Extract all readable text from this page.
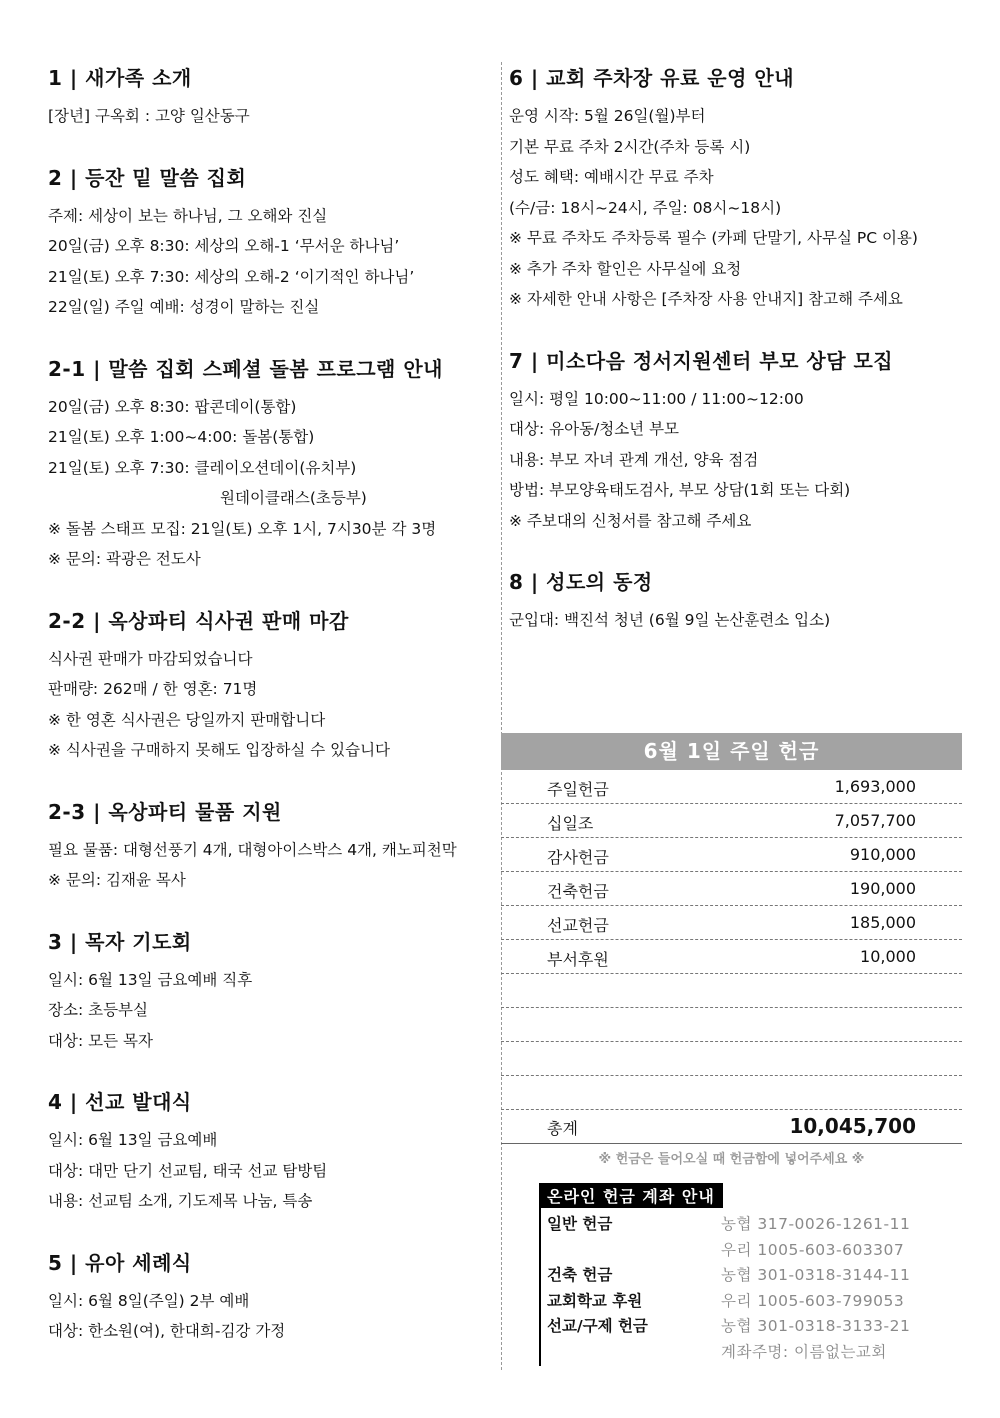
1 | 새가족 소개
[장년] 구옥회 : 고양 일산동구
2 | 등잔 밑 말씀 집회
주제: 세상이 보는 하나님, 그 오해와 진실
20일(금) 오후 8:30: 세상의 오해-1 ‘무서운 하나님’
21일(토) 오후 7:30: 세상의 오해-2 ‘이기적인 하나님’
22일(일) 주일 예배: 성경이 말하는 진실
2-1 | 말씀 집회 스페셜 돌봄 프로그램 안내
20일(금) 오후 8:30: 팝콘데이(통합)
21일(토) 오후 1:00~4:00: 돌봄(통합)
21일(토) 오후 7:30: 클레이오션데이(유치부)
원데이클래스(초등부)
※ 돌봄 스태프 모집: 21일(토) 오후 1시, 7시30분 각 3명
※ 문의: 곽광은 전도사
2-2 | 옥상파티 식사권 판매 마감
식사권 판매가 마감되었습니다
판매량: 262매 / 한 영혼: 71명
※ 한 영혼 식사권은 당일까지 판매합니다
※ 식사권을 구매하지 못해도 입장하실 수 있습니다
2-3 | 옥상파티 물품 지원
필요 물품: 대형선풍기 4개, 대형아이스박스 4개, 캐노피천막
※ 문의: 김재윤 목사
3 | 목자 기도회
일시: 6월 13일 금요예배 직후
장소: 초등부실
대상: 모든 목자
4 | 선교 발대식
일시: 6월 13일 금요예배
대상: 대만 단기 선교팀, 태국 선교 탐방팀
내용: 선교팀 소개, 기도제목 나눔, 특송
5 | 유아 세례식
일시: 6월 8일(주일) 2부 예배
대상: 한소원(여), 한대희-김강 가정
6 | 교회 주차장 유료 운영 안내
운영 시작: 5월 26일(월)부터
기본 무료 주차 2시간(주차 등록 시)
성도 혜택: 예배시간 무료 주차
(수/금: 18시~24시, 주일: 08시~18시)
※ 무료 주차도 주차등록 필수 (카페 단말기, 사무실 PC 이용)
※ 추가 주차 할인은 사무실에 요청
※ 자세한 안내 사항은 [주차장 사용 안내지] 참고해 주세요
7 | 미소다음 정서지원센터 부모 상담 모집
일시: 평일 10:00~11:00 / 11:00~12:00
대상: 유아동/청소년 부모
내용: 부모 자녀 관계 개선, 양육 점검
방법: 부모양육태도검사, 부모 상담(1회 또는 다회)
※ 주보대의 신청서를 참고해 주세요
8 | 성도의 동정
군입대: 백진석 청년 (6월 9일 논산훈련소 입소)
6월 1일 주일 헌금
주일헌금	1,693,000
십일조	7,057,700
감사헌금	910,000
건축헌금	190,000
선교헌금	185,000
부서후원	10,000
총계	10,045,700
※ 헌금은 들어오실 때 헌금함에 넣어주세요 ※
온라인 헌금 계좌 안내
일반 헌금	농협 317-0026-1261-11
우리 1005-603-603307
건축 헌금	농협 301-0318-3144-11
교회학교 후원	우리 1005-603-799053
선교/구제 헌금	농협 301-0318-3133-21
계좌주명: 이름없는교회
